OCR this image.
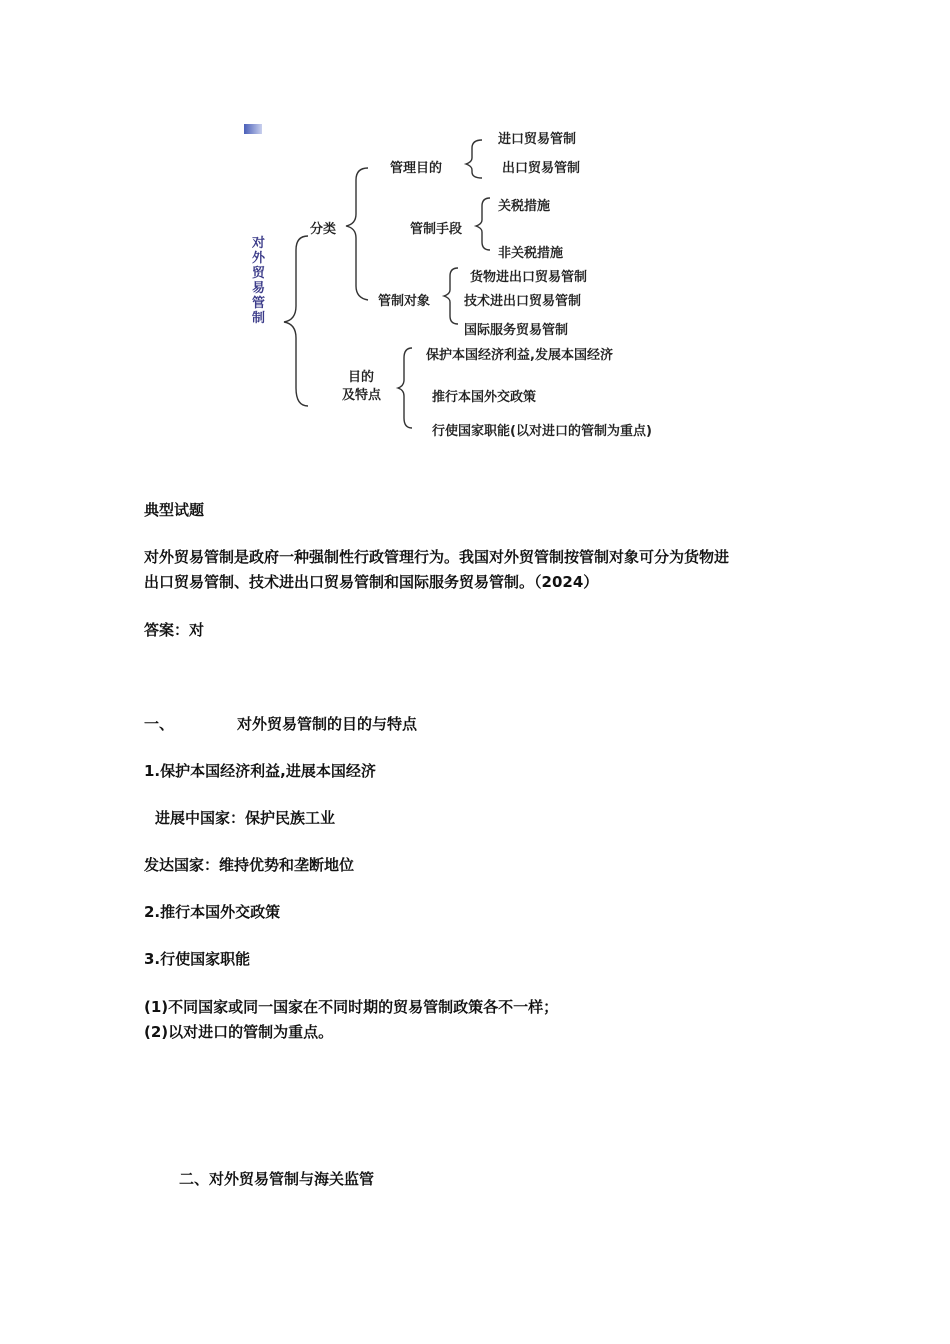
对外贸易管制
分类
管理目的
进口贸易管制
出口贸易管制
管制手段
关税措施
非关税措施
管制对象
货物进出口贸易管制
技术进出口贸易管制
国际服务贸易管制
目的
及特点
保护本国经济利益,发展本国经济
推行本国外交政策
行使国家职能(以对进口的管制为重点)
典型试题
对外贸易管制是政府一种强制性行政管理行为。我国对外贸管制按管制对象可分为货物进
出口贸易管制、技术进出口贸易管制和国际服务贸易管制。（2024）
答案：对
一、	对外贸易管制的目的与特点
1.保护本国经济利益,进展本国经济
进展中国家：保护民族工业
发达国家：维持优势和垄断地位
2.推行本国外交政策
3.行使国家职能
(1)不同国家或同一国家在不同时期的贸易管制政策各不一样；
(2)以对进口的管制为重点。
二、对外贸易管制与海关监管
